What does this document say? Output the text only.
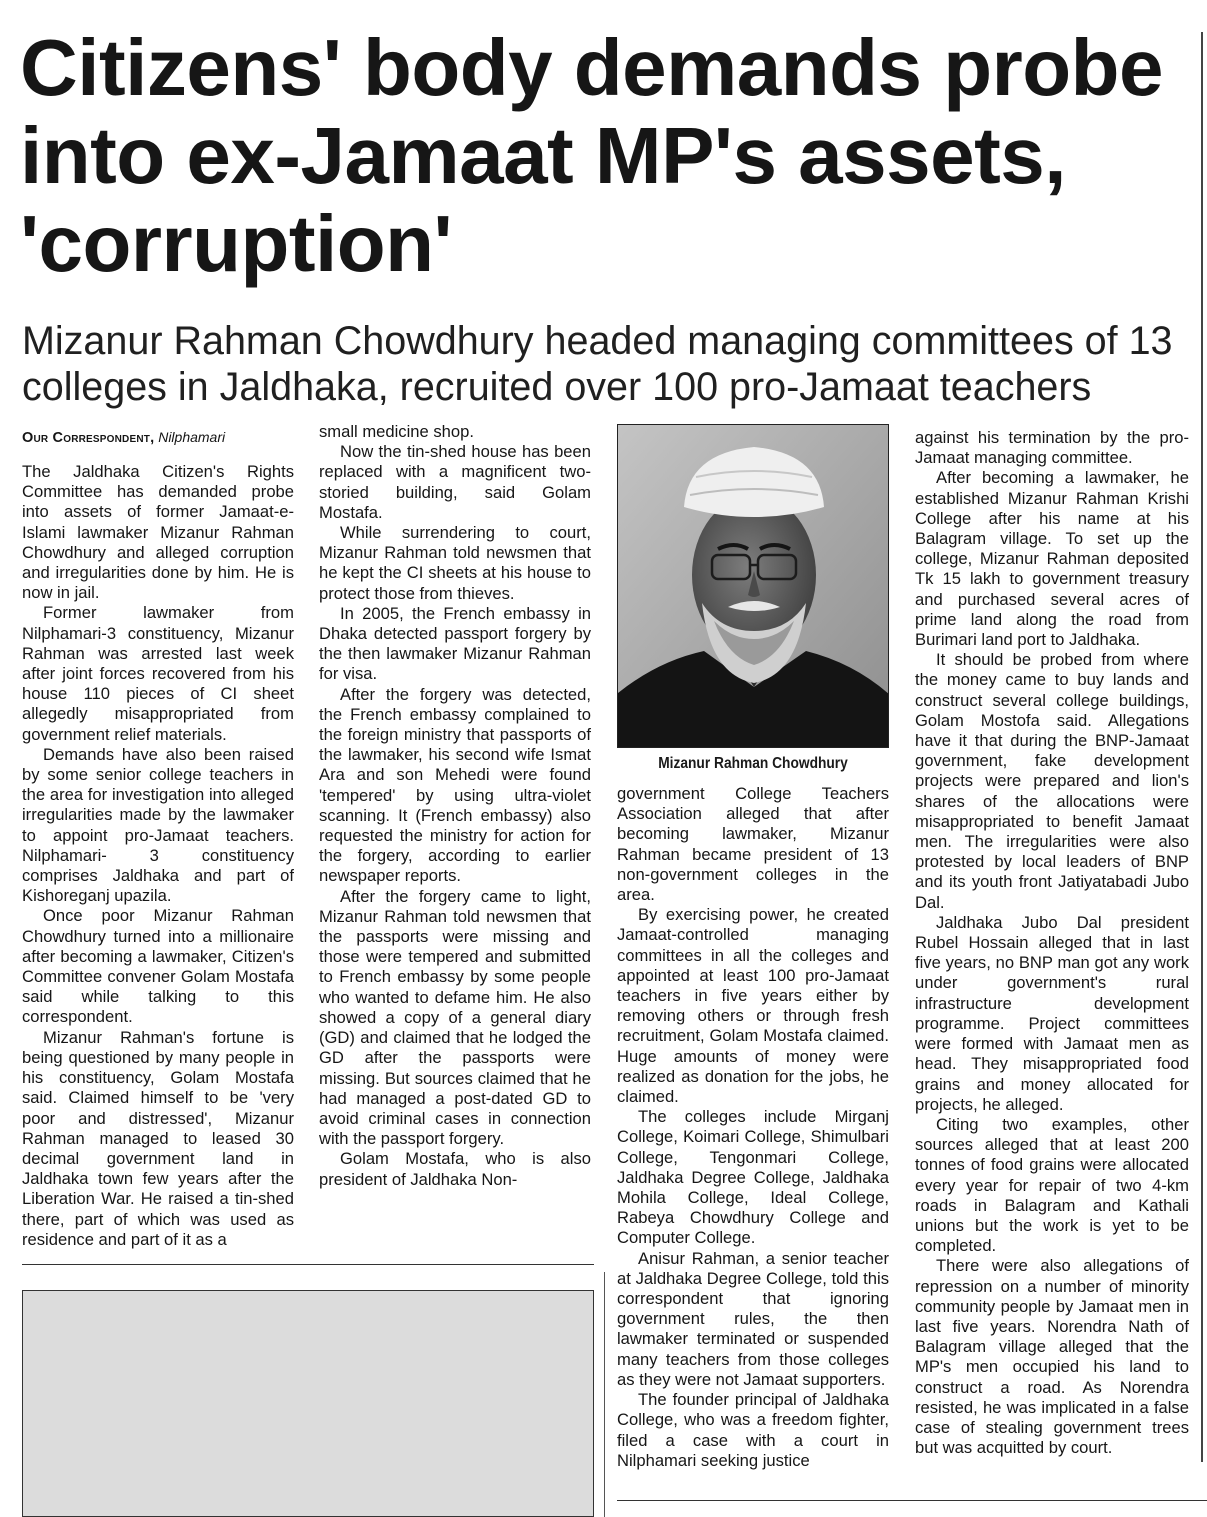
Citizens' body demands probe into ex-Jamaat MP's assets, 'corruption'
Mizanur Rahman Chowdhury headed managing committees of 13 colleges in Jaldhaka, recruited over 100 pro-Jamaat teachers
Our Correspondent, Nilphamari

The Jaldhaka Citizen's Rights Committee has demanded probe into assets of former Jamaat-e-Islami lawmaker Mizanur Rahman Chowdhury and alleged corruption and irregularities done by him. He is now in jail.

Former lawmaker from Nilphamari-3 constituency, Mizanur Rahman was arrested last week after joint forces recovered from his house 110 pieces of CI sheet allegedly misappropriated from government relief materials.

Demands have also been raised by some senior college teachers in the area for investigation into alleged irregularities made by the lawmaker to appoint pro-Jamaat teachers. Nilphamari- 3 constituency comprises Jaldhaka and part of Kishoreganj upazila.

Once poor Mizanur Rahman Chowdhury turned into a millionaire after becoming a lawmaker, Citizen's Committee convener Golam Mostafa said while talking to this correspondent.

Mizanur Rahman's fortune is being questioned by many people in his constituency, Golam Mostafa said. Claimed himself to be 'very poor and distressed', Mizanur Rahman managed to leased 30 decimal government land in Jaldhaka town few years after the Liberation War. He raised a tin-shed there, part of which was used as residence and part of it as a

small medicine shop.

Now the tin-shed house has been replaced with a magnificent two-storied building, said Golam Mostafa.

While surrendering to court, Mizanur Rahman told newsmen that he kept the CI sheets at his house to protect those from thieves.

In 2005, the French embassy in Dhaka detected passport forgery by the then lawmaker Mizanur Rahman for visa.

After the forgery was detected, the French embassy complained to the foreign ministry that passports of the lawmaker, his second wife Ismat Ara and son Mehedi were found 'tempered' by using ultra-violet scanning. It (French embassy) also requested the ministry for action for the forgery, according to earlier newspaper reports.

After the forgery came to light, Mizanur Rahman told newsmen that the passports were missing and those were tempered and submitted to French embassy by some people who wanted to defame him. He also showed a copy of a general diary (GD) and claimed that he lodged the GD after the passports were missing. But sources claimed that he had managed a post-dated GD to avoid criminal cases in connection with the passport forgery.

Golam Mostafa, who is also president of Jaldhaka Non-

Mizanur Rahman Chowdhury

government College Teachers Association alleged that after becoming lawmaker, Mizanur Rahman became president of 13 non-government colleges in the area.

By exercising power, he created Jamaat-controlled managing committees in all the colleges and appointed at least 100 pro-Jamaat teachers in five years either by removing others or through fresh recruitment, Golam Mostafa claimed. Huge amounts of money were realized as donation for the jobs, he claimed.

The colleges include Mirganj College, Koimari College, Shimulbari College, Tengonmari College, Jaldhaka Degree College, Jaldhaka Mohila College, Ideal College, Rabeya Chowdhury College and Computer College.

Anisur Rahman, a senior teacher at Jaldhaka Degree College, told this correspondent that ignoring government rules, the then lawmaker terminated or suspended many teachers from those colleges as they were not Jamaat supporters.

The founder principal of Jaldhaka College, who was a freedom fighter, filed a case with a court in Nilphamari seeking justice

against his termination by the pro-Jamaat managing committee.

After becoming a lawmaker, he established Mizanur Rahman Krishi College after his name at his Balagram village. To set up the college, Mizanur Rahman deposited Tk 15 lakh to government treasury and purchased several acres of prime land along the road from Burimari land port to Jaldhaka.

It should be probed from where the money came to buy lands and construct several college buildings, Golam Mostofa said. Allegations have it that during the BNP-Jamaat government, fake development projects were prepared and lion's shares of the allocations were misappropriated to benefit Jamaat men. The irregularities were also protested by local leaders of BNP and its youth front Jatiyatabadi Jubo Dal.

Jaldhaka Jubo Dal president Rubel Hossain alleged that in last five years, no BNP man got any work under government's rural infrastructure development programme. Project committees were formed with Jamaat men as head. They misappropriated food grains and money allocated for projects, he alleged.

Citing two examples, other sources alleged that at least 200 tonnes of food grains were allocated every year for repair of two 4-km roads in Balagram and Kathali unions but the work is yet to be completed.

There were also allegations of repression on a number of minority community people by Jamaat men in last five years. Norendra Nath of Balagram village alleged that the MP's men occupied his land to construct a road. As Norendra resisted, he was implicated in a false case of stealing government trees but was acquitted by court.
